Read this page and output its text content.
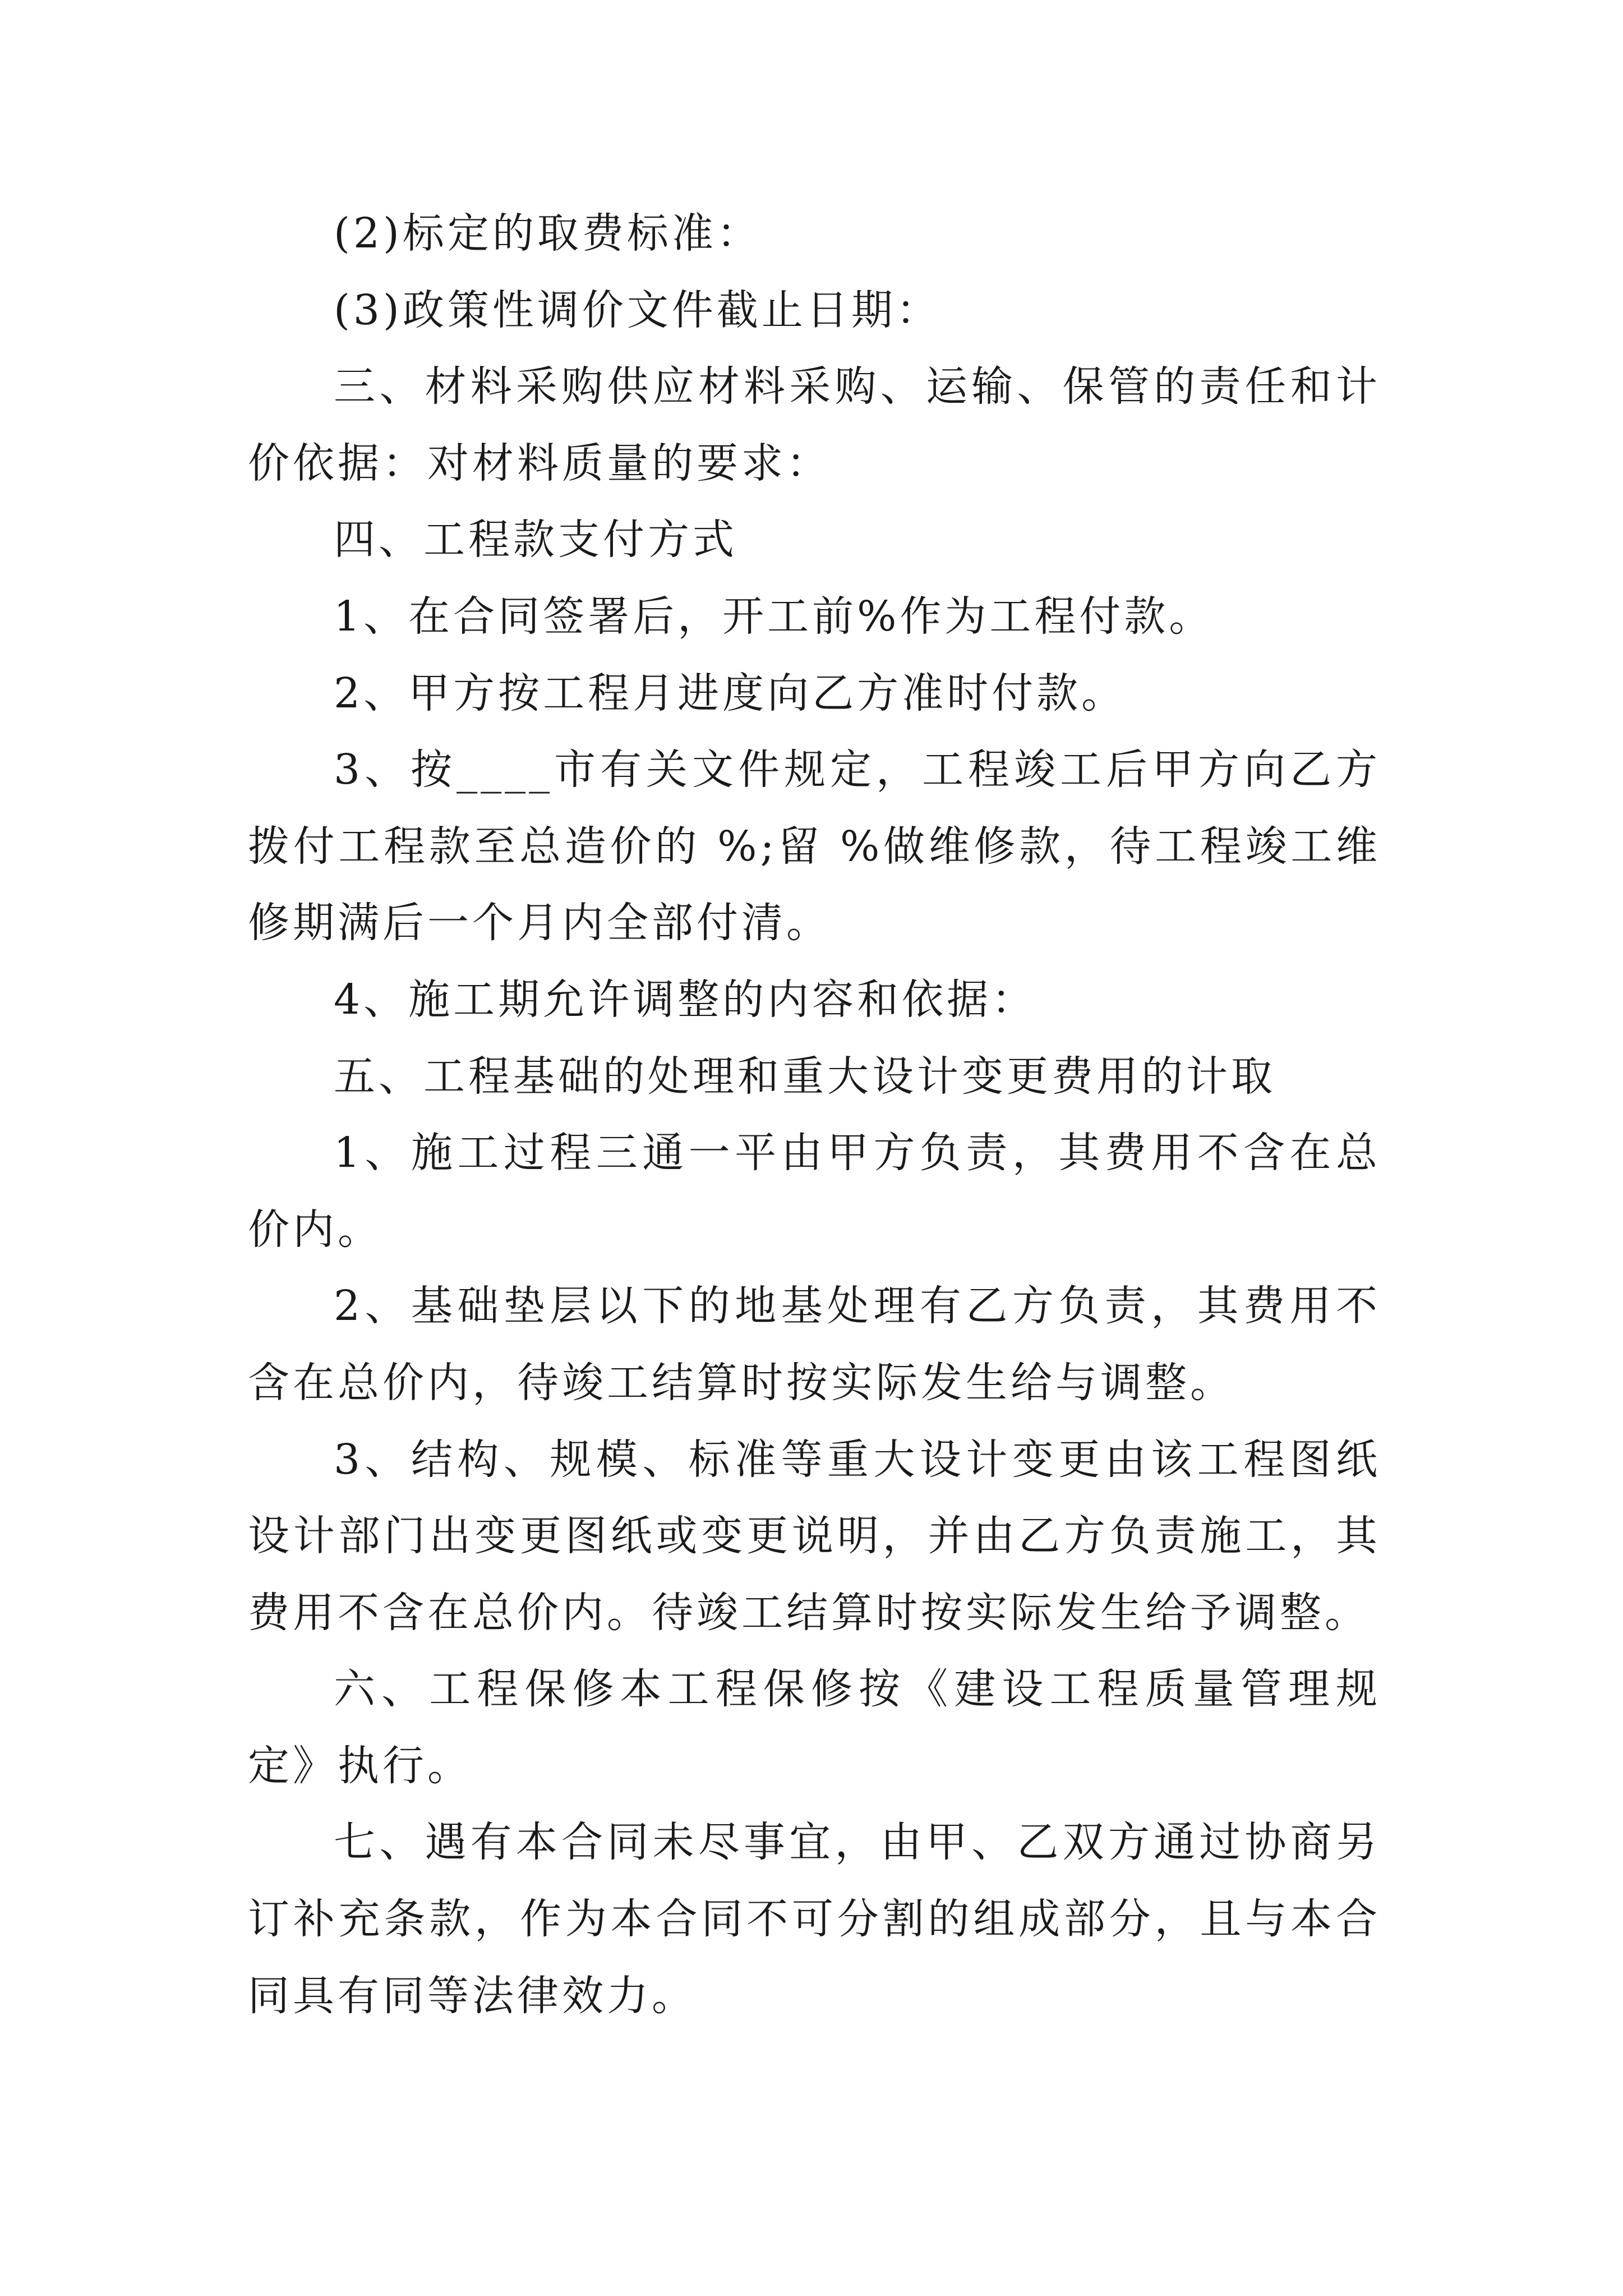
(2)标定的取费标准：

(3)政策性调价文件截止日期：

三、材料采购供应材料采购、运输、保管的责任和计价依据：对材料质量的要求：

四、工程款支付方式

1、在合同签署后，开工前%作为工程付款。

2、甲方按工程月进度向乙方准时付款。

3、按____市有关文件规定，工程竣工后甲方向乙方拨付工程款至总造价的 %;留 %做维修款，待工程竣工维修期满后一个月内全部付清。

4、施工期允许调整的内容和依据：

五、工程基础的处理和重大设计变更费用的计取

1、施工过程三通一平由甲方负责，其费用不含在总价内。

2、基础垫层以下的地基处理有乙方负责，其费用不含在总价内，待竣工结算时按实际发生给与调整。

3、结构、规模、标准等重大设计变更由该工程图纸设计部门出变更图纸或变更说明，并由乙方负责施工，其费用不含在总价内。待竣工结算时按实际发生给予调整。

六、工程保修本工程保修按《建设工程质量管理规定》执行。

七、遇有本合同未尽事宜，由甲、乙双方通过协商另订补充条款，作为本合同不可分割的组成部分，且与本合同具有同等法律效力。
